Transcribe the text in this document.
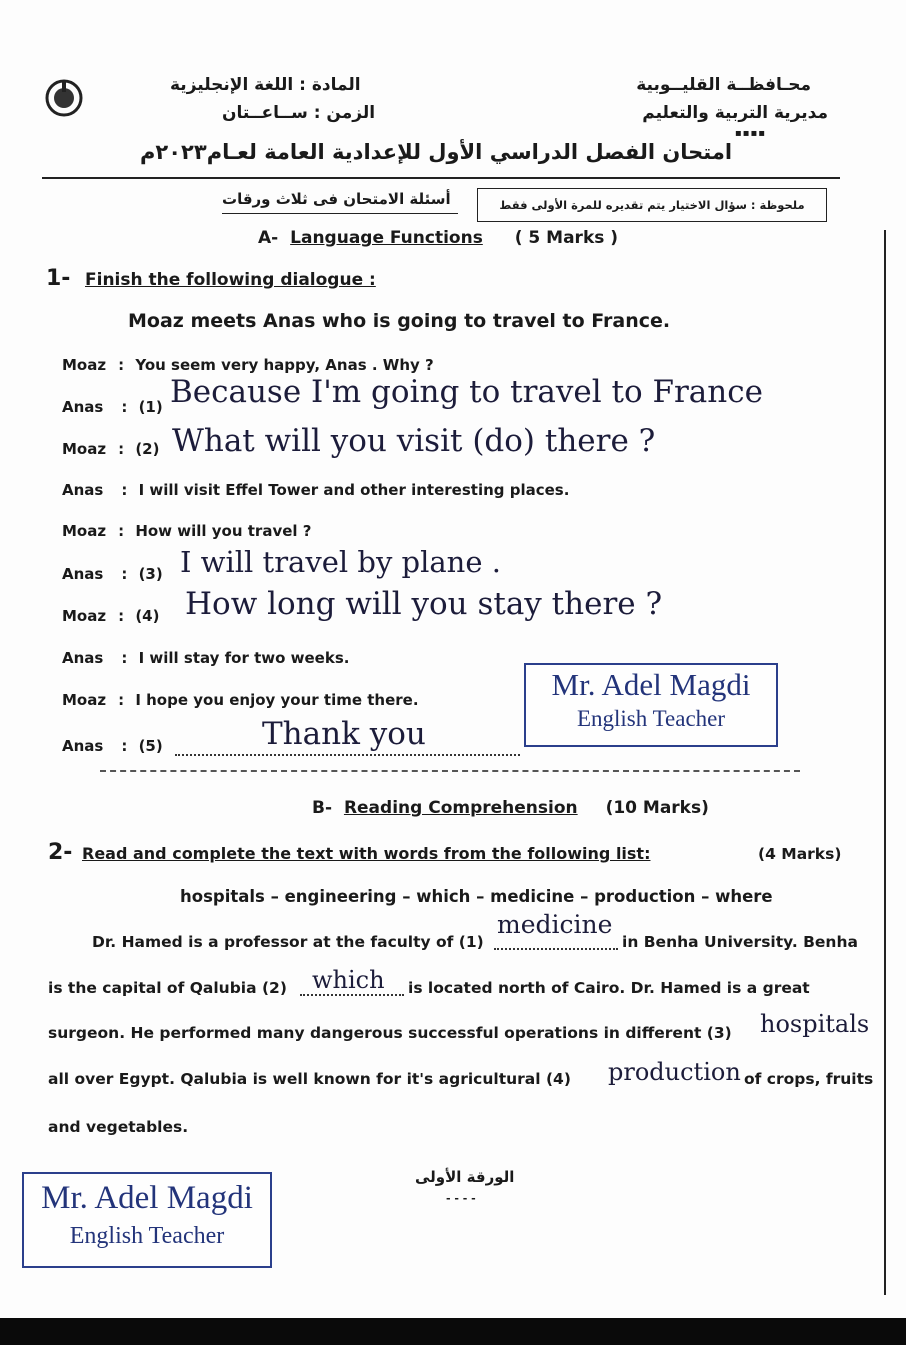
المادة : اللغة الإنجليزية
الزمن : ســاعــتان
محـافظــة القليــوبية
مديرية التربية والتعليم
▪▪▪▪
امتحان الفصل الدراسي الأول للإعدادية العامة لعـام٢٠٢٣م
أسئلة الامتحان فى ثلاث ورقات	ملحوظة : سؤال الاختيار يتم تقديره للمرة الأولى فقط
A- Language Functions ( 5 Marks )
1- Finish the following dialogue :
Moaz meets Anas who is going to travel to France.
Moaz : You seem very happy, Anas . Why ?
Anas : (1) Because I'm going to travel to France
Moaz : (2) What will you visit (do) there ?
Anas : I will visit Effel Tower and other interesting places.
Moaz : How will you travel ?
Anas : (3) I will travel by plane .
Moaz : (4) How long will you stay there ?
Anas : I will stay for two weeks.
Moaz : I hope you enjoy your time there.
Anas : (5)	Thank you
Mr. Adel Magdi
English Teacher
B- Reading Comprehension (10 Marks)
2- Read and complete the text with words from the following list:	(4 Marks)
hospitals – engineering – which – medicine – production – where
Dr. Hamed is a professor at the faculty of (1)
medicine
in Benha University. Benha
is the capital of Qalubia (2) which is located north of Cairo. Dr. Hamed is a great
surgeon. He performed many dangerous successful operations in different (3) hospitals
all over Egypt. Qalubia is well known for it's agricultural (4) production of crops, fruits
and vegetables.
Mr. Adel Magdi
English Teacher
الورقة الأولى
- - - -
